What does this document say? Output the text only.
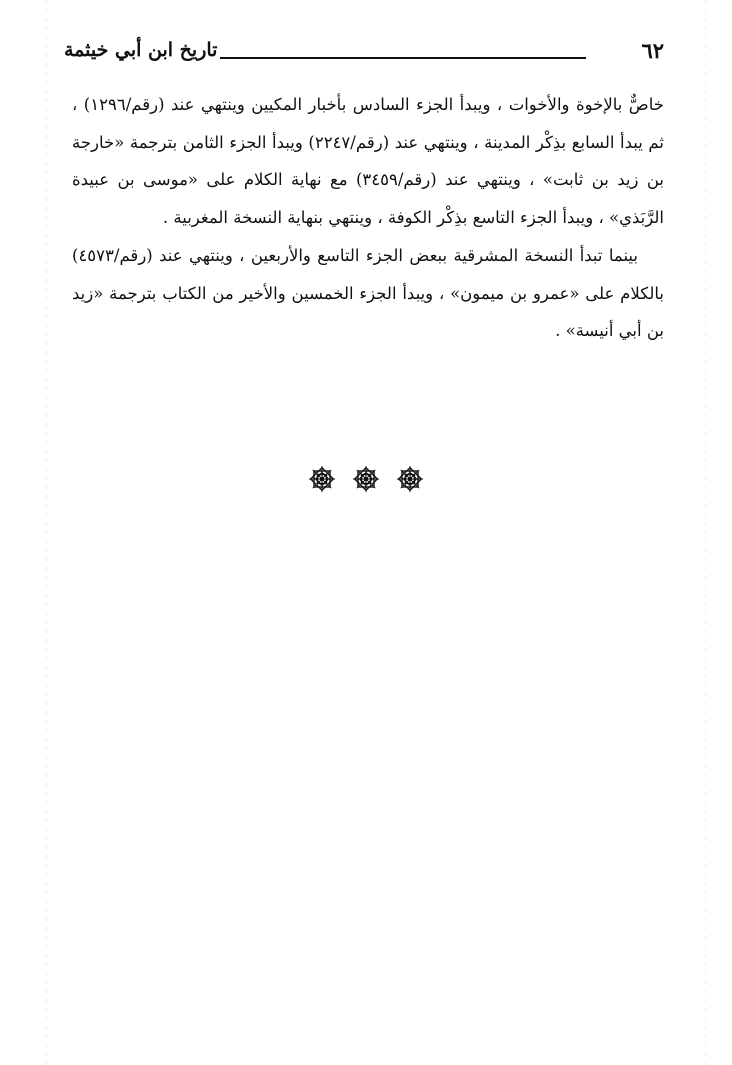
٦٢
تاريخ ابن أبي خيثمة

خاصٌّ بالإخوة والأخوات ، ويبدأ الجزء السادس بأخبار المكيين وينتهي عند (رقم/١٢٩٦) ، ثم يبدأ السابع بذِكْر المدينة ، وينتهي عند (رقم/٢٢٤٧) ويبدأ الجزء الثامن بترجمة «خارجة بن زيد بن ثابت» ، وينتهي عند (رقم/٣٤٥٩) مع نهاية الكلام على «موسى بن عبيدة الرَّبَذي» ، ويبدأ الجزء التاسع بذِكْر الكوفة ، وينتهي بنهاية النسخة المغربية .

بينما تبدأ النسخة المشرقية ببعض الجزء التاسع والأربعين ، وينتهي عند (رقم/٤٥٧٣) بالكلام على «عمرو بن ميمون» ، ويبدأ الجزء الخمسين والأخير من الكتاب بترجمة «زيد بن أبي أنيسة» .
